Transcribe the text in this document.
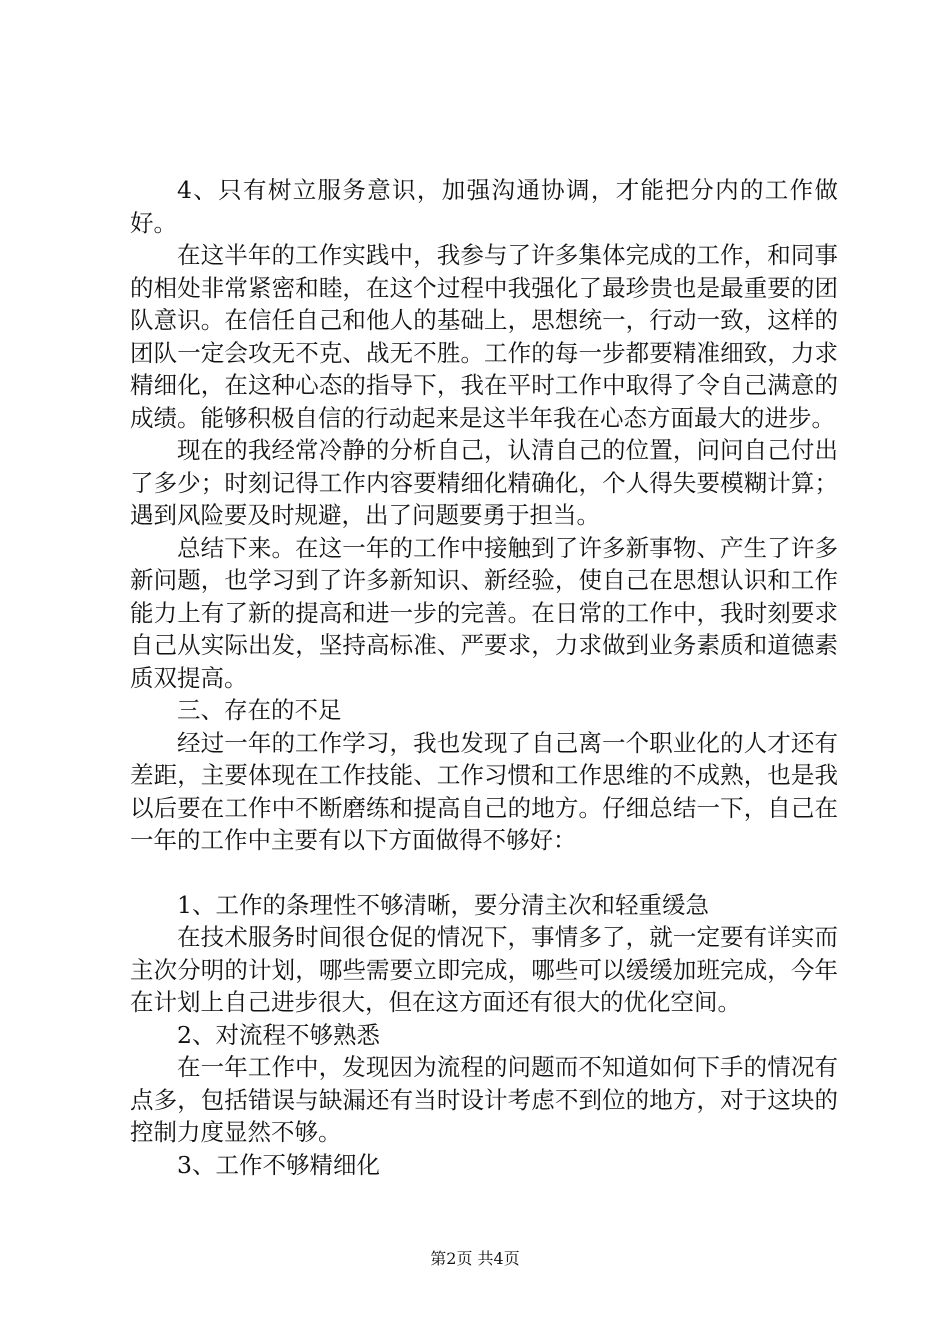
4、只有树立服务意识，加强沟通协调，才能把分内的工作做好。

在这半年的工作实践中，我参与了许多集体完成的工作，和同事的相处非常紧密和睦，在这个过程中我强化了最珍贵也是最重要的团队意识。在信任自己和他人的基础上，思想统一，行动一致，这样的团队一定会攻无不克、战无不胜。工作的每一步都要精准细致，力求精细化，在这种心态的指导下，我在平时工作中取得了令自己满意的成绩。能够积极自信的行动起来是这半年我在心态方面最大的进步。

现在的我经常冷静的分析自己，认清自己的位置，问问自己付出了多少；时刻记得工作内容要精细化精确化，个人得失要模糊计算；遇到风险要及时规避，出了问题要勇于担当。

总结下来。在这一年的工作中接触到了许多新事物、产生了许多新问题，也学习到了许多新知识、新经验，使自己在思想认识和工作能力上有了新的提高和进一步的完善。在日常的工作中，我时刻要求自己从实际出发，坚持高标准、严要求，力求做到业务素质和道德素质双提高。

三、存在的不足

经过一年的工作学习，我也发现了自己离一个职业化的人才还有差距，主要体现在工作技能、工作习惯和工作思维的不成熟，也是我以后要在工作中不断磨练和提高自己的地方。仔细总结一下，自己在一年的工作中主要有以下方面做得不够好：

1、工作的条理性不够清晰，要分清主次和轻重缓急

在技术服务时间很仓促的情况下，事情多了，就一定要有详实而主次分明的计划，哪些需要立即完成，哪些可以缓缓加班完成，今年在计划上自己进步很大，但在这方面还有很大的优化空间。

2、对流程不够熟悉

在一年工作中，发现因为流程的问题而不知道如何下手的情况有点多，包括错误与缺漏还有当时设计考虑不到位的地方，对于这块的控制力度显然不够。

3、工作不够精细化

第2页 共4页
